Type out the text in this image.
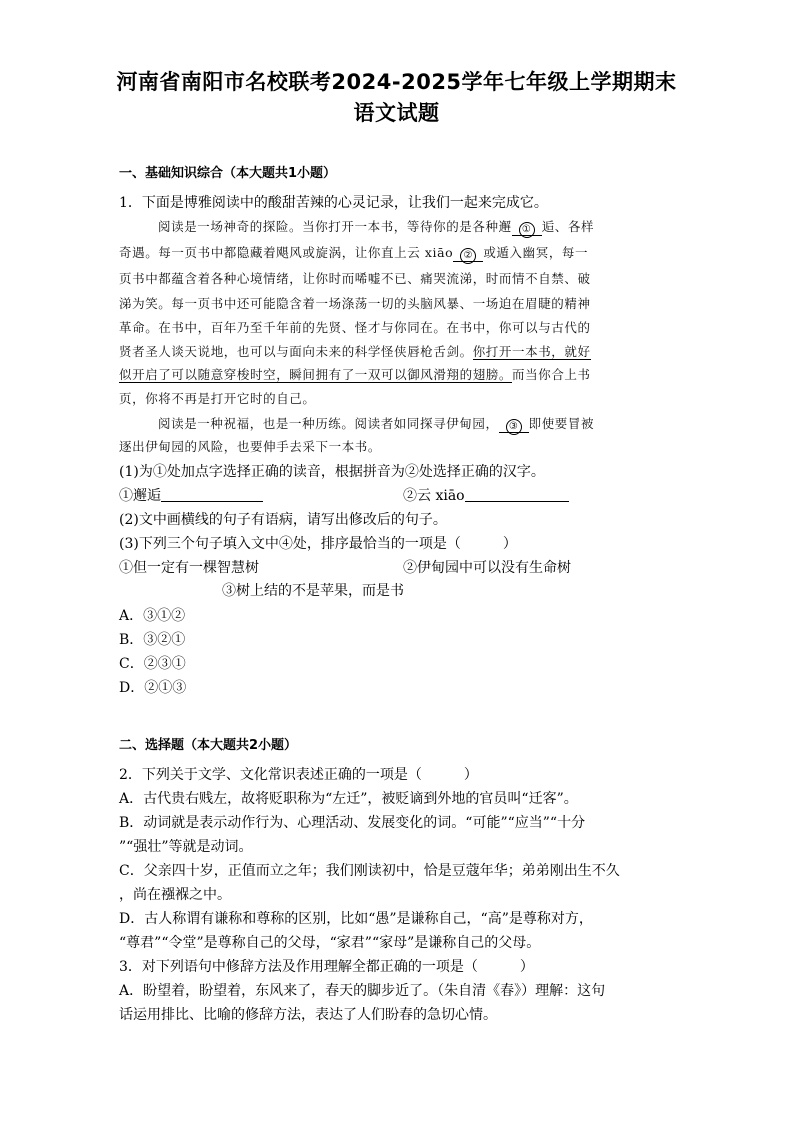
河南省南阳市名校联考2024-2025学年七年级上学期期末
语文试题
一、基础知识综合（本大题共1小题）
1．下面是博雅阅读中的酸甜苦辣的心灵记录，让我们一起来完成它。
阅读是一场神奇的探险。当你打开一本书，等待你的是各种邂 ① 逅、各样
奇遇。每一页书中都隐藏着飓风或旋涡，让你直上云 xiāo ② 或遁入幽冥，每一
页书中都蕴含着各种心境情绪，让你时而唏嘘不已、痛哭流涕，时而情不自禁、破
涕为笑。每一页书中还可能隐含着一场涤荡一切的头脑风暴、一场迫在眉睫的精神
革命。在书中，百年乃至千年前的先贤、怪才与你同在。在书中，你可以与古代的
贤者圣人谈天说地，也可以与面向未来的科学怪侠唇枪舌剑。你打开一本书，就好
似开启了可以随意穿梭时空，瞬间拥有了一双可以御风滑翔的翅膀。而当你合上书
页，你将不再是打开它时的自己。
阅读是一种祝福，也是一种历练。阅读者如同探寻伊甸园， ③ 即使要冒被
逐出伊甸园的风险，也要伸手去采下一本书。
(1)为①处加点字选择正确的读音，根据拼音为②处选择正确的汉字。
①邂逅	②云 xiāo
(2)文中画横线的句子有语病，请写出修改后的句子。
(3)下列三个句子填入文中④处，排序最恰当的一项是（　　　）
①但一定有一棵智慧树	②伊甸园中可以没有生命树
③树上结的不是苹果，而是书
A．③①②
B．③②①
C．②③①
D．②①③
二、选择题（本大题共2小题）
2．下列关于文学、文化常识表述正确的一项是（　　　）
A．古代贵右贱左，故将贬职称为“左迁”，被贬谪到外地的官员叫“迁客”。
B．动词就是表示动作行为、心理活动、发展变化的词。“可能”“应当”“十分
”“强壮”等就是动词。
C．父亲四十岁，正值而立之年；我们刚读初中，恰是豆蔻年华；弟弟刚出生不久
，尚在襁褓之中。
D．古人称谓有谦称和尊称的区别，比如“愚”是谦称自己，“高”是尊称对方，
“尊君”“令堂”是尊称自己的父母，“家君”“家母”是谦称自己的父母。
3．对下列语句中修辞方法及作用理解全都正确的一项是（　　　）
A．盼望着，盼望着，东风来了，春天的脚步近了。（朱自清《春》）理解：这句
话运用排比、比喻的修辞方法，表达了人们盼春的急切心情。
